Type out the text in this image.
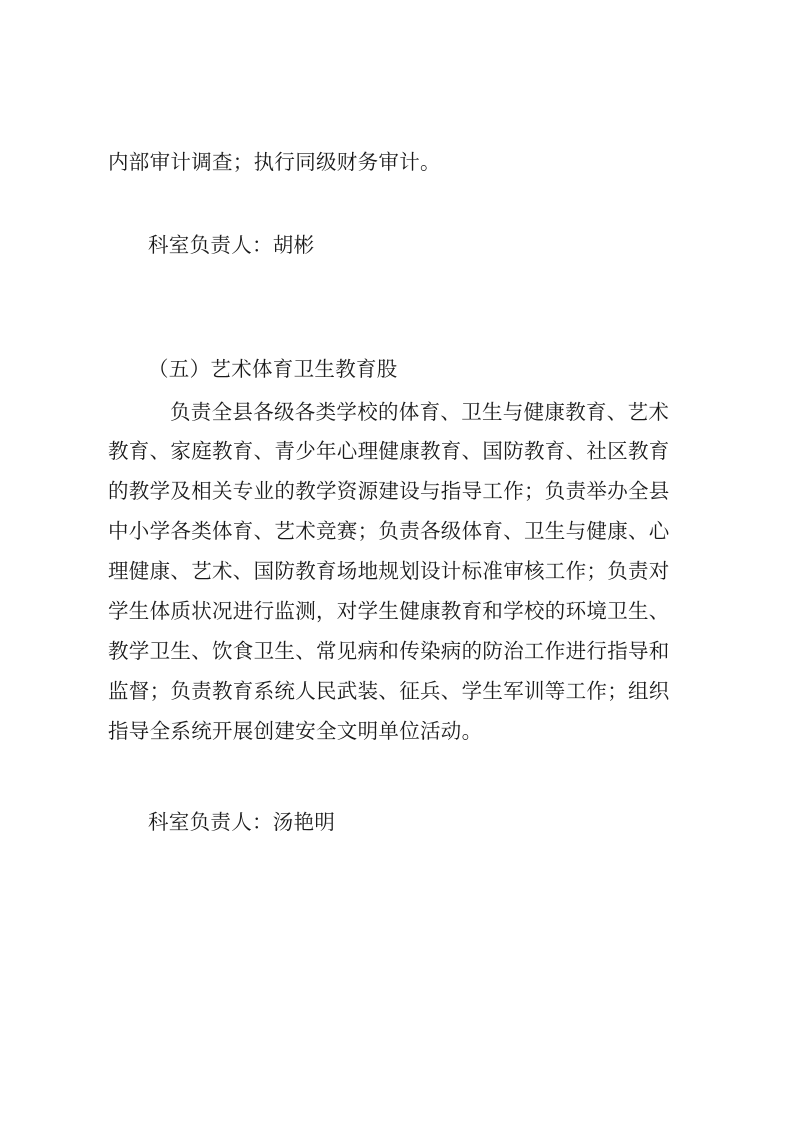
内部审计调查；执行同级财务审计。
科室负责人：胡彬
（五）艺术体育卫生教育股
负责全县各级各类学校的体育、卫生与健康教育、艺术
教育、家庭教育、青少年心理健康教育、国防教育、社区教育
的教学及相关专业的教学资源建设与指导工作；负责举办全县
中小学各类体育、艺术竞赛；负责各级体育、卫生与健康、心
理健康、艺术、国防教育场地规划设计标准审核工作；负责对
学生体质状况进行监测，对学生健康教育和学校的环境卫生、
教学卫生、饮食卫生、常见病和传染病的防治工作进行指导和
监督；负责教育系统人民武装、征兵、学生军训等工作；组织
指导全系统开展创建安全文明单位活动。
科室负责人：汤艳明
